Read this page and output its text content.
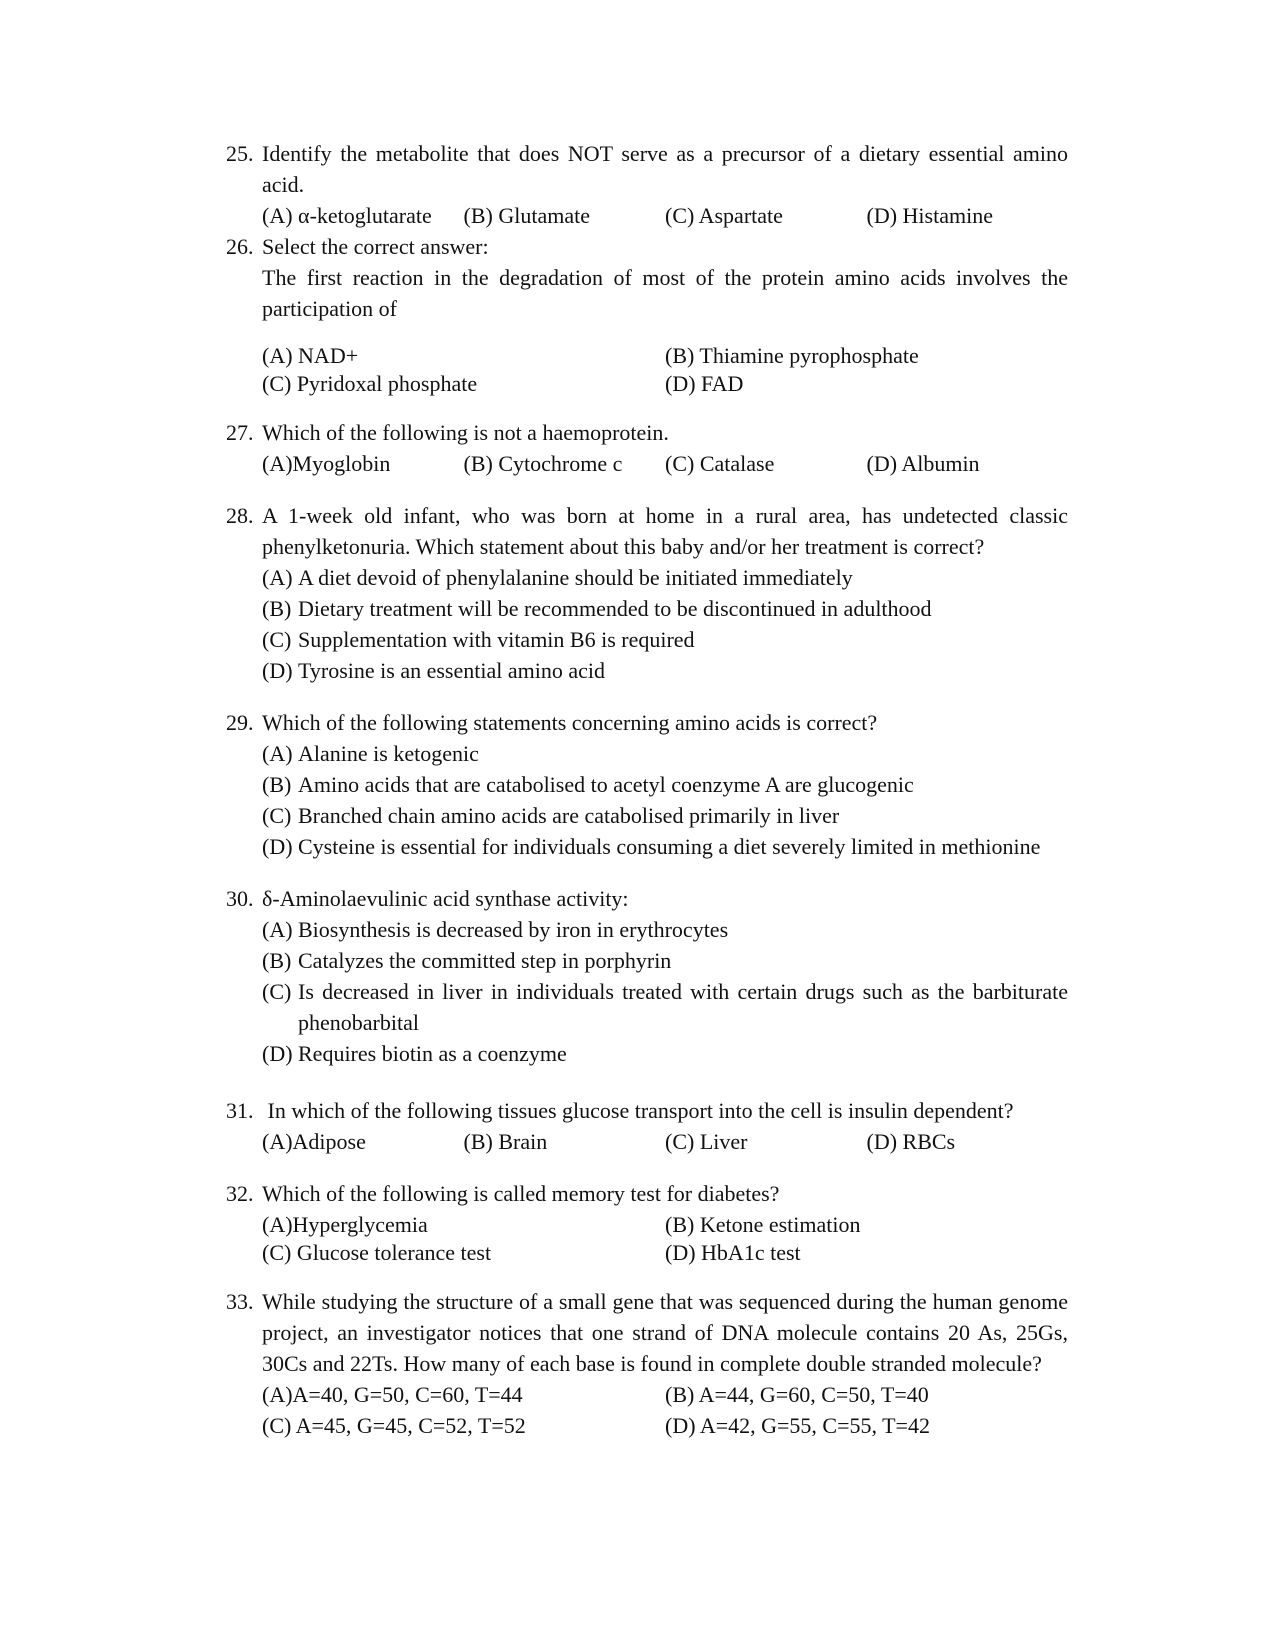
25. Identify the metabolite that does NOT serve as a precursor of a dietary essential amino acid.
(A) α-ketoglutarate	(B) Glutamate	(C) Aspartate	(D) Histamine
26. Select the correct answer:
The first reaction in the degradation of most of the protein amino acids involves the participation of
(A) NAD+	(B) Thiamine pyrophosphate
(C) Pyridoxal phosphate	(D) FAD
27. Which of the following is not a haemoprotein.
(A)Myoglobin	(B) Cytochrome c	(C) Catalase	(D) Albumin
28. A 1-week old infant, who was born at home in a rural area, has undetected classic phenylketonuria. Which statement about this baby and/or her treatment is correct?
(A) A diet devoid of phenylalanine should be initiated immediately
(B) Dietary treatment will be recommended to be discontinued in adulthood
(C) Supplementation with vitamin B6 is required
(D) Tyrosine is an essential amino acid
29. Which of the following statements concerning amino acids is correct?
(A) Alanine is ketogenic
(B) Amino acids that are catabolised to acetyl coenzyme A are glucogenic
(C) Branched chain amino acids are catabolised primarily in liver
(D) Cysteine is essential for individuals consuming a diet severely limited in methionine
30. δ-Aminolaevulinic acid synthase activity:
(A) Biosynthesis is decreased by iron in erythrocytes
(B) Catalyzes the committed step in porphyrin
(C) Is decreased in liver in individuals treated with certain drugs such as the barbiturate phenobarbital
(D) Requires biotin as a coenzyme
31. In which of the following tissues glucose transport into the cell is insulin dependent?
(A)Adipose	(B) Brain	(C) Liver	(D) RBCs
32. Which of the following is called memory test for diabetes?
(A)Hyperglycemia	(B) Ketone estimation
(C) Glucose tolerance test	(D) HbA1c test
33. While studying the structure of a small gene that was sequenced during the human genome project, an investigator notices that one strand of DNA molecule contains 20 As, 25Gs, 30Cs and 22Ts. How many of each base is found in complete double stranded molecule?
(A)A=40, G=50, C=60, T=44	(B) A=44, G=60, C=50, T=40
(C) A=45, G=45, C=52, T=52	(D) A=42, G=55, C=55, T=42
